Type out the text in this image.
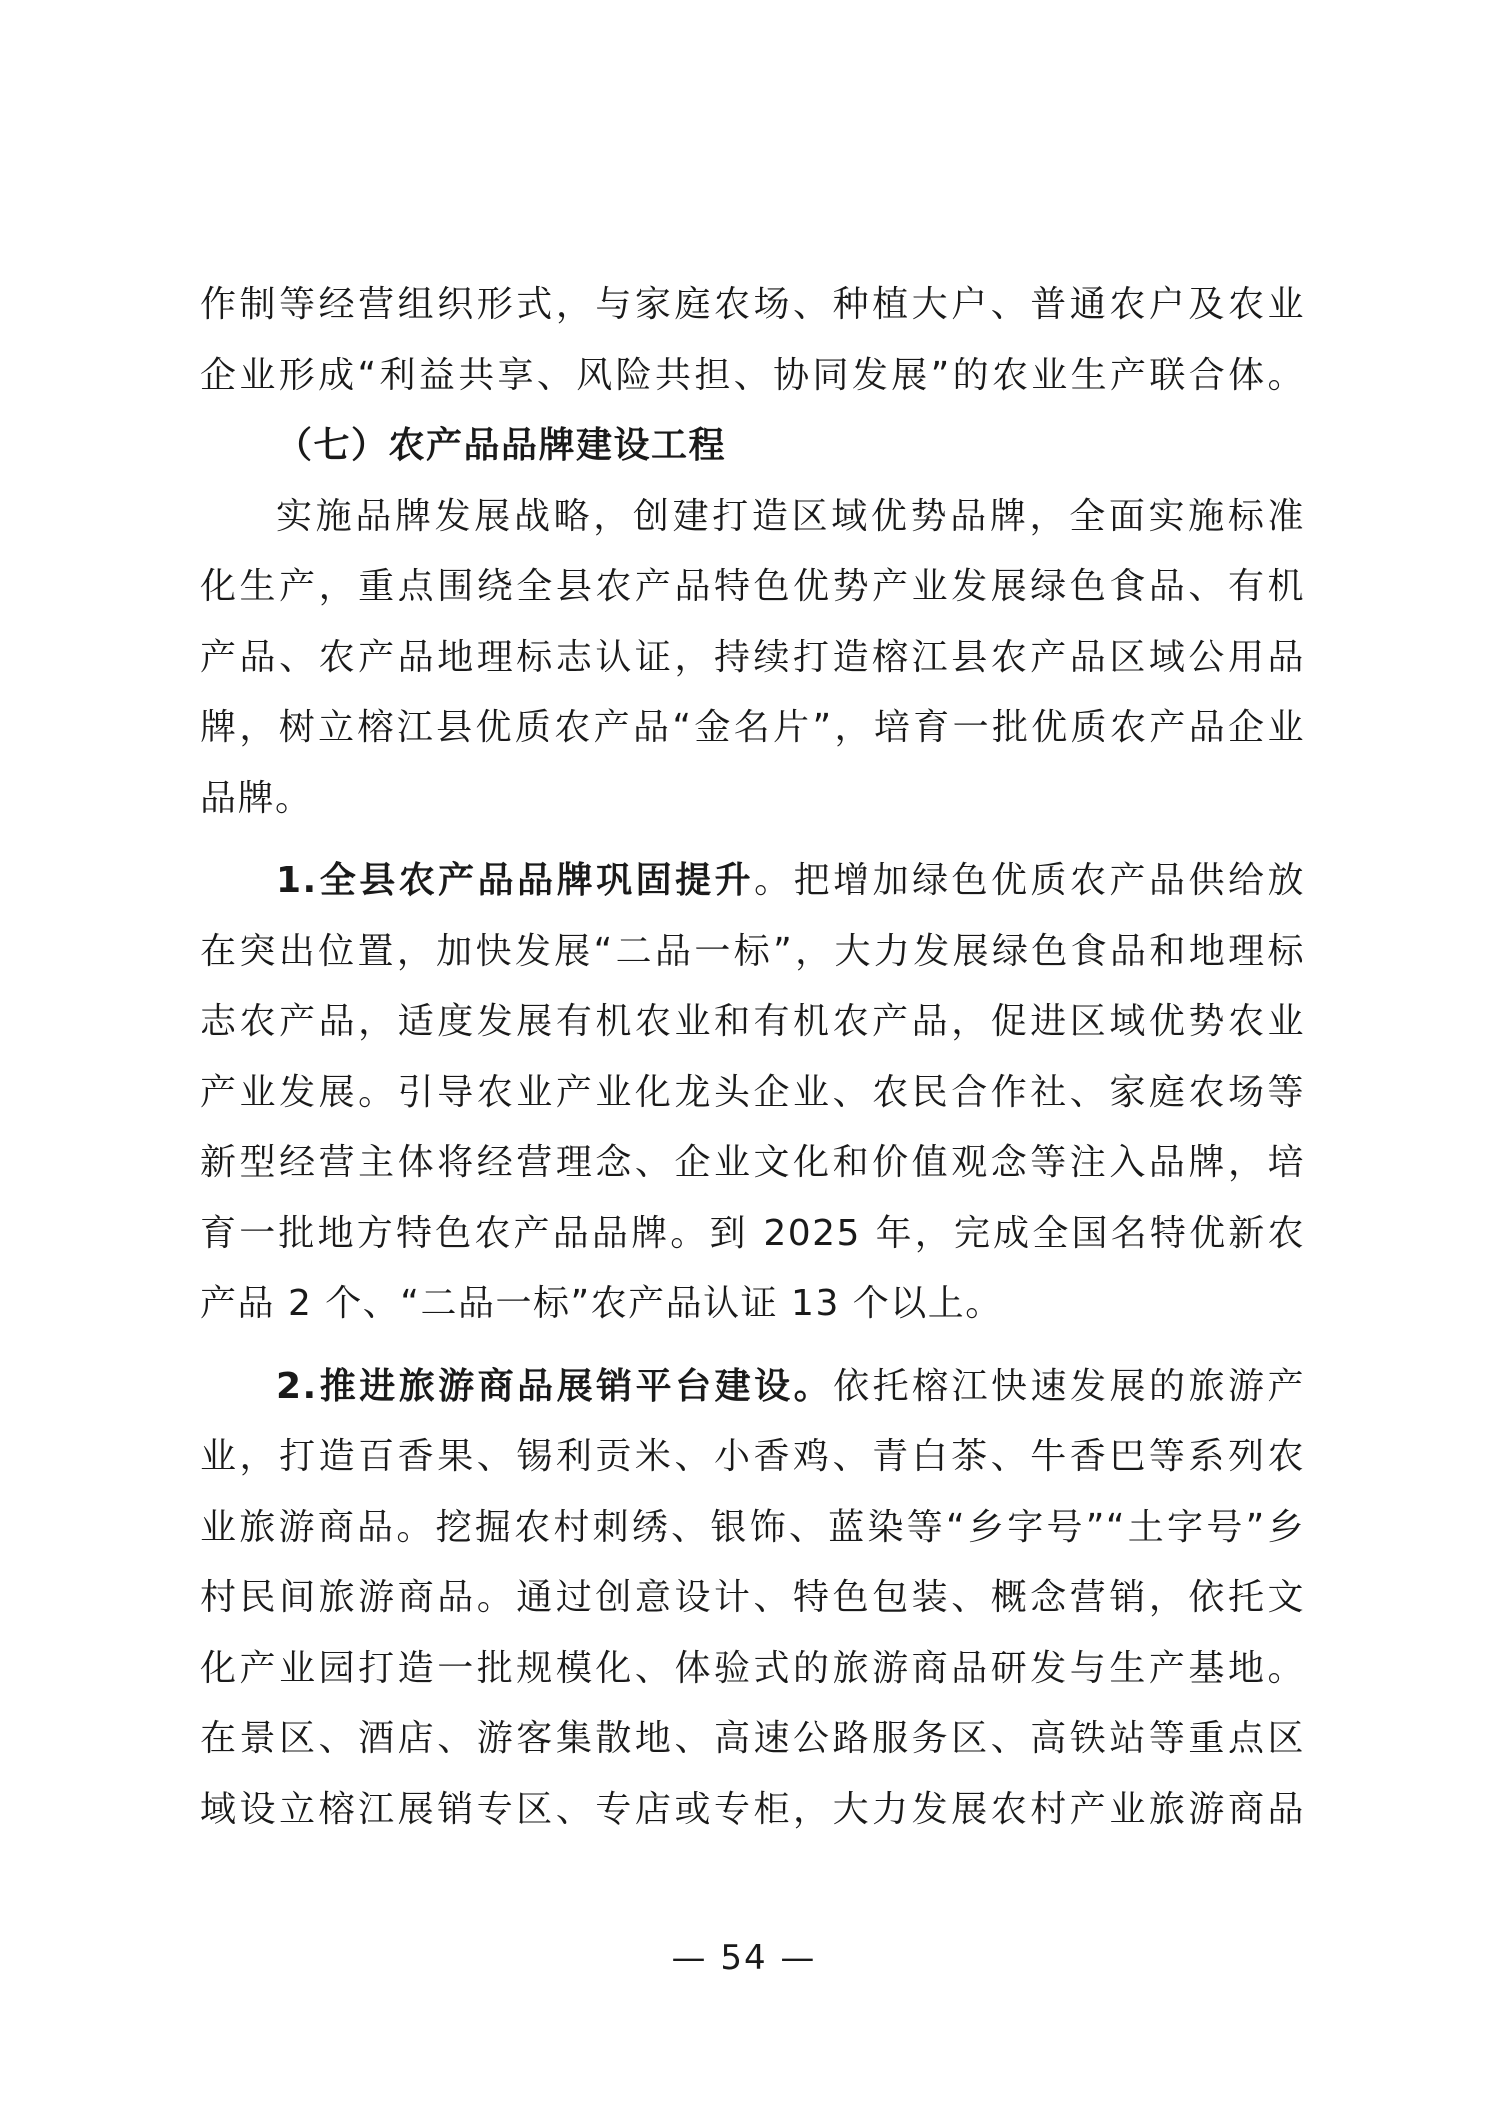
作制等经营组织形式，与家庭农场、种植大户、普通农户及农业
企业形成“利益共享、风险共担、协同发展”的农业生产联合体。
（七）农产品品牌建设工程
实施品牌发展战略，创建打造区域优势品牌，全面实施标准
化生产，重点围绕全县农产品特色优势产业发展绿色食品、有机
产品、农产品地理标志认证，持续打造榕江县农产品区域公用品
牌，树立榕江县优质农产品“金名片”，培育一批优质农产品企业
品牌。
1.全县农产品品牌巩固提升。把增加绿色优质农产品供给放
在突出位置，加快发展“二品一标”，大力发展绿色食品和地理标
志农产品，适度发展有机农业和有机农产品，促进区域优势农业
产业发展。引导农业产业化龙头企业、农民合作社、家庭农场等
新型经营主体将经营理念、企业文化和价值观念等注入品牌，培
育一批地方特色农产品品牌。到 2025 年，完成全国名特优新农
产品 2 个、“二品一标”农产品认证 13 个以上。
2.推进旅游商品展销平台建设。依托榕江快速发展的旅游产
业，打造百香果、锡利贡米、小香鸡、青白茶、牛香巴等系列农
业旅游商品。挖掘农村刺绣、银饰、蓝染等“乡字号”“土字号”乡
村民间旅游商品。通过创意设计、特色包装、概念营销，依托文
化产业园打造一批规模化、体验式的旅游商品研发与生产基地。
在景区、酒店、游客集散地、高速公路服务区、高铁站等重点区
域设立榕江展销专区、专店或专柜，大力发展农村产业旅游商品
— 54 —
